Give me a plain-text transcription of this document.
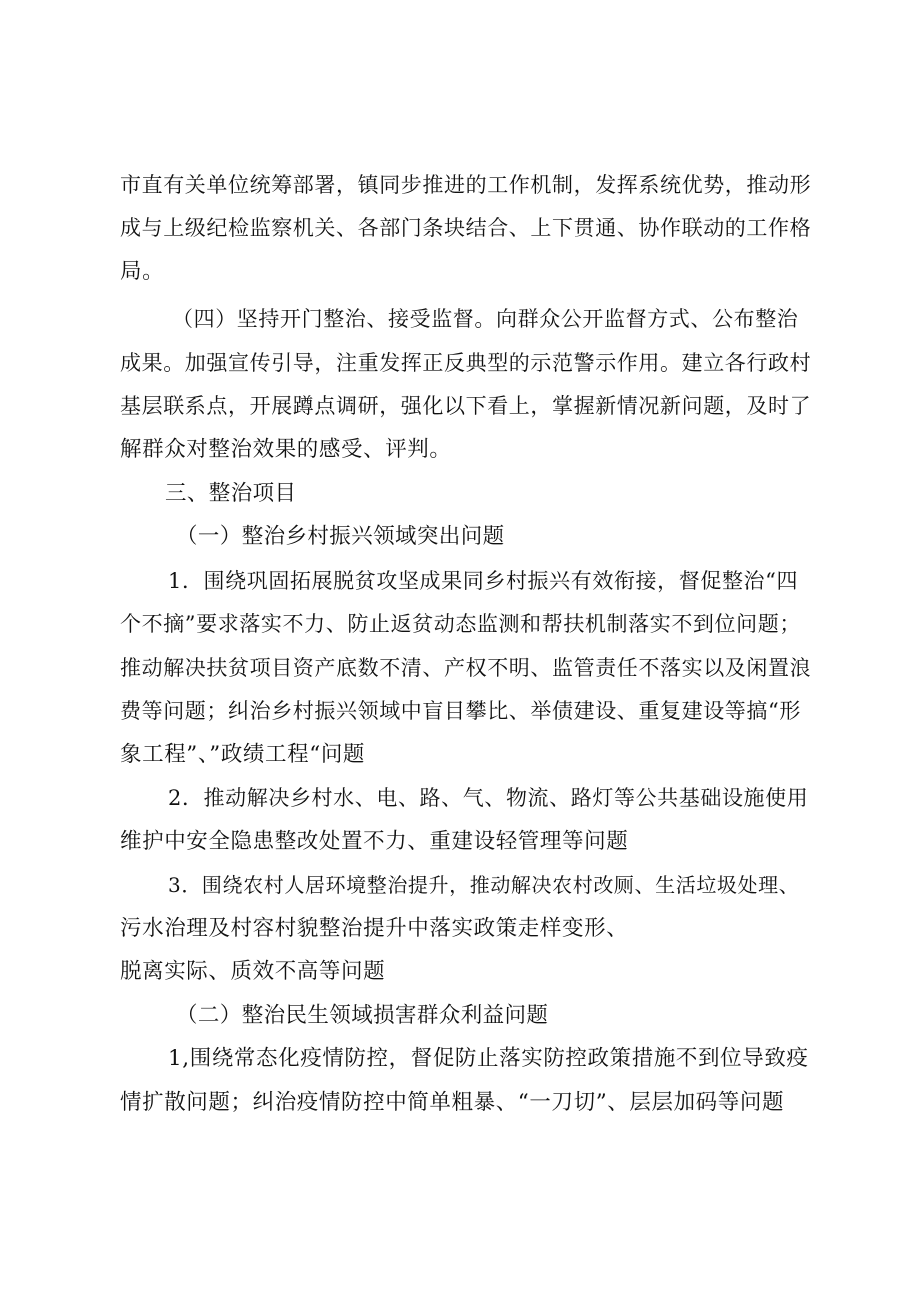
市直有关单位统筹部署，镇同步推进的工作机制，发挥系统优势，推动形
成与上级纪检监察机关、各部门条块结合、上下贯通、协作联动的工作格
局。
（四）坚持开门整治、接受监督。向群众公开监督方式、公布整治
成果。加强宣传引导，注重发挥正反典型的示范警示作用。建立各行政村
基层联系点，开展蹲点调研，强化以下看上，掌握新情况新问题，及时了
解群众对整治效果的感受、评判。
三、整治项目
（一）整治乡村振兴领域突出问题
1．围绕巩固拓展脱贫攻坚成果同乡村振兴有效衔接，督促整治“四
个不摘”要求落实不力、防止返贫动态监测和帮扶机制落实不到位问题；
推动解决扶贫项目资产底数不清、产权不明、监管责任不落实以及闲置浪
费等问题；纠治乡村振兴领域中盲目攀比、举债建设、重复建设等搞“形
象工程”、”政绩工程“问题
2．推动解决乡村水、电、路、气、物流、路灯等公共基础设施使用
维护中安全隐患整改处置不力、重建设轻管理等问题
3．围绕农村人居环境整治提升，推动解决农村改厕、生活垃圾处理、
污水治理及村容村貌整治提升中落实政策走样变形、
脱离实际、质效不高等问题
（二）整治民生领域损害群众利益问题
1,围绕常态化疫情防控，督促防止落实防控政策措施不到位导致疫
情扩散问题；纠治疫情防控中简单粗暴、“一刀切”、层层加码等问题
